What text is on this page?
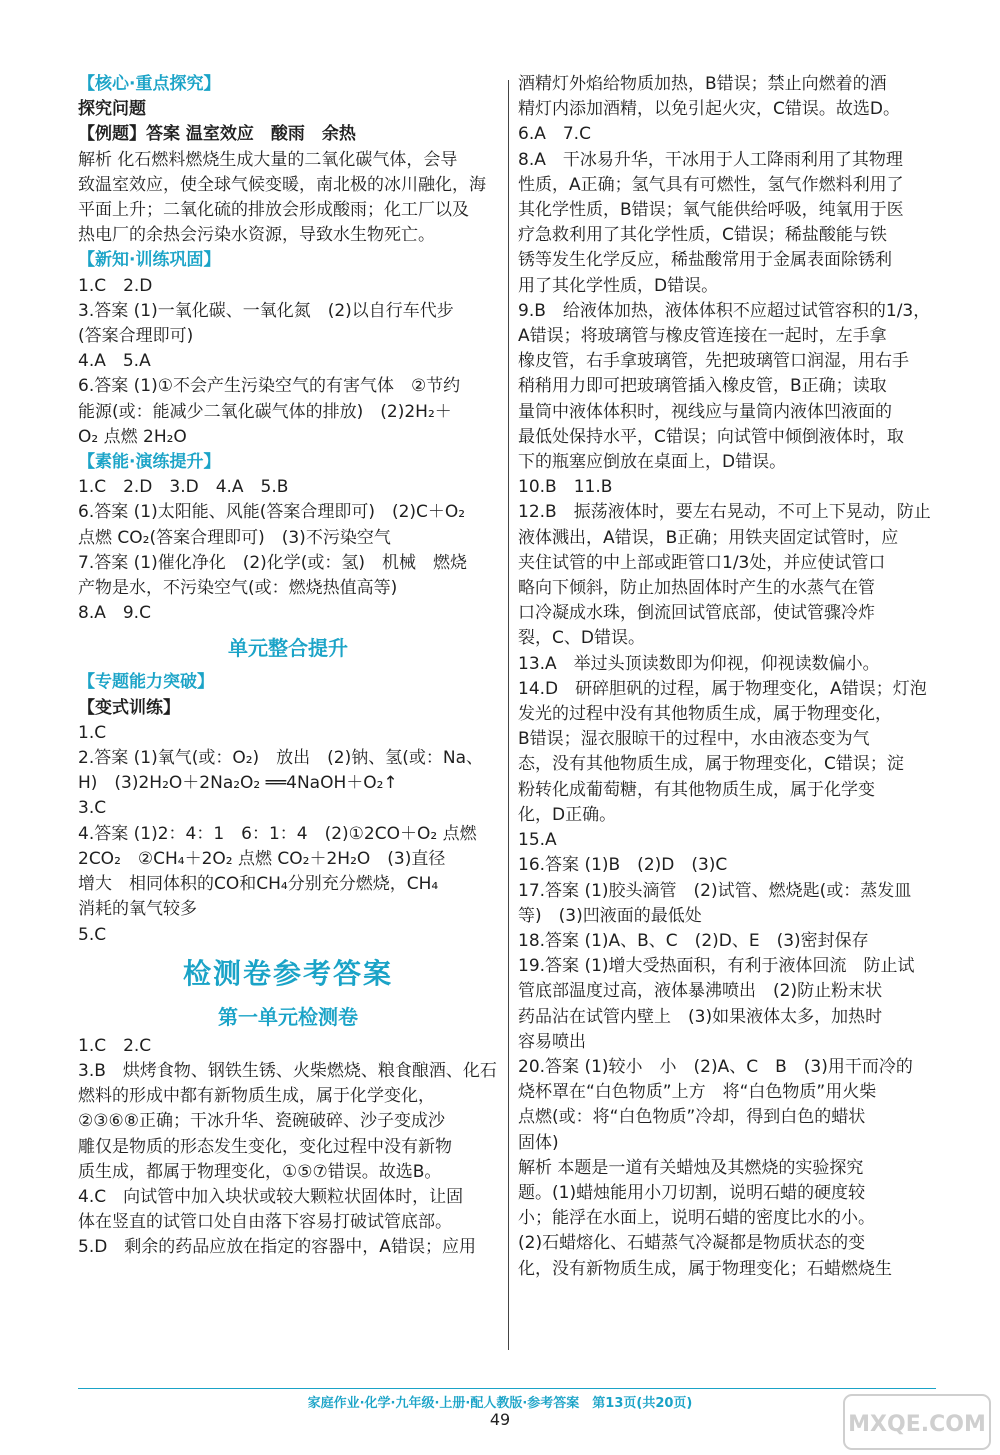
【核心·重点探究】
探究问题
【例题】答案 温室效应　酸雨　余热
解析 化石燃料燃烧生成大量的二氧化碳气体，会导
致温室效应，使全球气候变暖，南北极的冰川融化，海
平面上升；二氧化硫的排放会形成酸雨；化工厂以及
热电厂的余热会污染水资源，导致水生物死亡。
【新知·训练巩固】
1.C　2.D
3.答案 (1)一氧化碳、一氧化氮　(2)以自行车代步
(答案合理即可)
4.A　5.A
6.答案 (1)①不会产生污染空气的有害气体　②节约
能源(或：能减少二氧化碳气体的排放)　(2)2H₂＋
O₂ 点燃 2H₂O
【素能·演练提升】
1.C　2.D　3.D　4.A　5.B
6.答案 (1)太阳能、风能(答案合理即可)　(2)C＋O₂
点燃 CO₂(答案合理即可)　(3)不污染空气
7.答案 (1)催化净化　(2)化学(或：氢)　机械　燃烧
产物是水，不污染空气(或：燃烧热值高等)
8.A　9.C
单元整合提升
【专题能力突破】
【变式训练】
1.C
2.答案 (1)氧气(或：O₂)　放出　(2)钠、氢(或：Na、
H)　(3)2H₂O＋2Na₂O₂ ══4NaOH＋O₂↑
3.C
4.答案 (1)2：4：1　6：1：4　(2)①2CO＋O₂ 点燃
2CO₂　②CH₄＋2O₂ 点燃 CO₂＋2H₂O　(3)直径
增大　相同体积的CO和CH₄分别充分燃烧，CH₄
消耗的氧气较多
5.C
检测卷参考答案
第一单元检测卷
1.C　2.C
3.B　烘烤食物、钢铁生锈、火柴燃烧、粮食酿酒、化石
燃料的形成中都有新物质生成，属于化学变化，
②③⑥⑧正确；干冰升华、瓷碗破碎、沙子变成沙
雕仅是物质的形态发生变化，变化过程中没有新物
质生成，都属于物理变化，①⑤⑦错误。故选B。
4.C　向试管中加入块状或较大颗粒状固体时，让固
体在竖直的试管口处自由落下容易打破试管底部。
5.D　剩余的药品应放在指定的容器中，A错误；应用
酒精灯外焰给物质加热，B错误；禁止向燃着的酒
精灯内添加酒精，以免引起火灾，C错误。故选D。
6.A　7.C
8.A　干冰易升华，干冰用于人工降雨利用了其物理
性质，A正确；氢气具有可燃性，氢气作燃料利用了
其化学性质，B错误；氧气能供给呼吸，纯氧用于医
疗急救利用了其化学性质，C错误；稀盐酸能与铁
锈等发生化学反应，稀盐酸常用于金属表面除锈利
用了其化学性质，D错误。
9.B　给液体加热，液体体积不应超过试管容积的1/3，
A错误；将玻璃管与橡皮管连接在一起时，左手拿
橡皮管，右手拿玻璃管，先把玻璃管口润湿，用右手
稍稍用力即可把玻璃管插入橡皮管，B正确；读取
量筒中液体体积时，视线应与量筒内液体凹液面的
最低处保持水平，C错误；向试管中倾倒液体时，取
下的瓶塞应倒放在桌面上，D错误。
10.B　11.B
12.B　振荡液体时，要左右晃动，不可上下晃动，防止
液体溅出，A错误，B正确；用铁夹固定试管时，应
夹住试管的中上部或距管口1/3处，并应使试管口
略向下倾斜，防止加热固体时产生的水蒸气在管
口冷凝成水珠，倒流回试管底部，使试管骤冷炸
裂，C、D错误。
13.A　举过头顶读数即为仰视，仰视读数偏小。
14.D　研碎胆矾的过程，属于物理变化，A错误；灯泡
发光的过程中没有其他物质生成，属于物理变化，
B错误；湿衣服晾干的过程中，水由液态变为气
态，没有其他物质生成，属于物理变化，C错误；淀
粉转化成葡萄糖，有其他物质生成，属于化学变
化，D正确。
15.A
16.答案 (1)B　(2)D　(3)C
17.答案 (1)胶头滴管　(2)试管、燃烧匙(或：蒸发皿
等)　(3)凹液面的最低处
18.答案 (1)A、B、C　(2)D、E　(3)密封保存
19.答案 (1)增大受热面积，有利于液体回流　防止试
管底部温度过高，液体暴沸喷出　(2)防止粉末状
药品沾在试管内壁上　(3)如果液体太多，加热时
容易喷出
20.答案 (1)较小　小　(2)A、C　B　(3)用干而冷的
烧杯罩在“白色物质”上方　将“白色物质”用火柴
点燃(或：将“白色物质”冷却，得到白色的蜡状
固体)
解析 本题是一道有关蜡烛及其燃烧的实验探究
题。(1)蜡烛能用小刀切割，说明石蜡的硬度较
小；能浮在水面上，说明石蜡的密度比水的小。
(2)石蜡熔化、石蜡蒸气冷凝都是物质状态的变
化，没有新物质生成，属于物理变化；石蜡燃烧生
家庭作业·化学·九年级·上册·配人教版·参考答案　第13页(共20页)
49	MXQE.COM
